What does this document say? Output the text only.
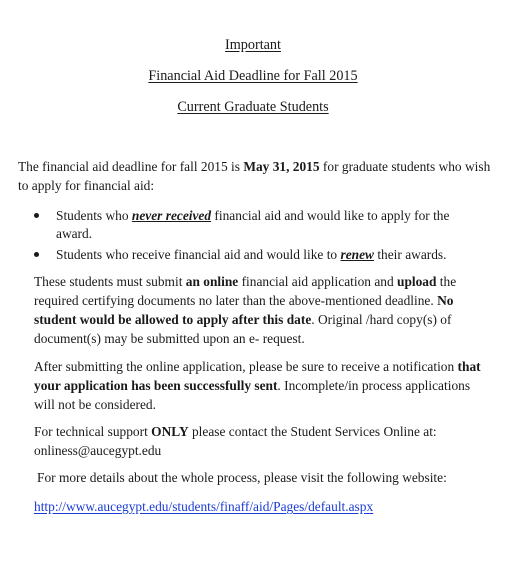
Important

Financial Aid Deadline for Fall 2015

Current Graduate Students

The financial aid deadline for fall 2015 is May 31, 2015 for graduate students who wish to apply for financial aid:

Students who never received financial aid and would like to apply for the award.
Students who receive financial aid and would like to renew their awards.

These students must submit an online financial aid application and upload the required certifying documents no later than the above-mentioned deadline. No student would be allowed to apply after this date. Original /hard copy(s) of document(s) may be submitted upon an e- request.

After submitting the online application, please be sure to receive a notification that your application has been successfully sent. Incomplete/in process applications will not be considered.

For technical support ONLY please contact the Student Services Online at: onliness@aucegypt.edu

For more details about the whole process, please visit the following website:

http://www.aucegypt.edu/students/finaff/aid/Pages/default.aspx
